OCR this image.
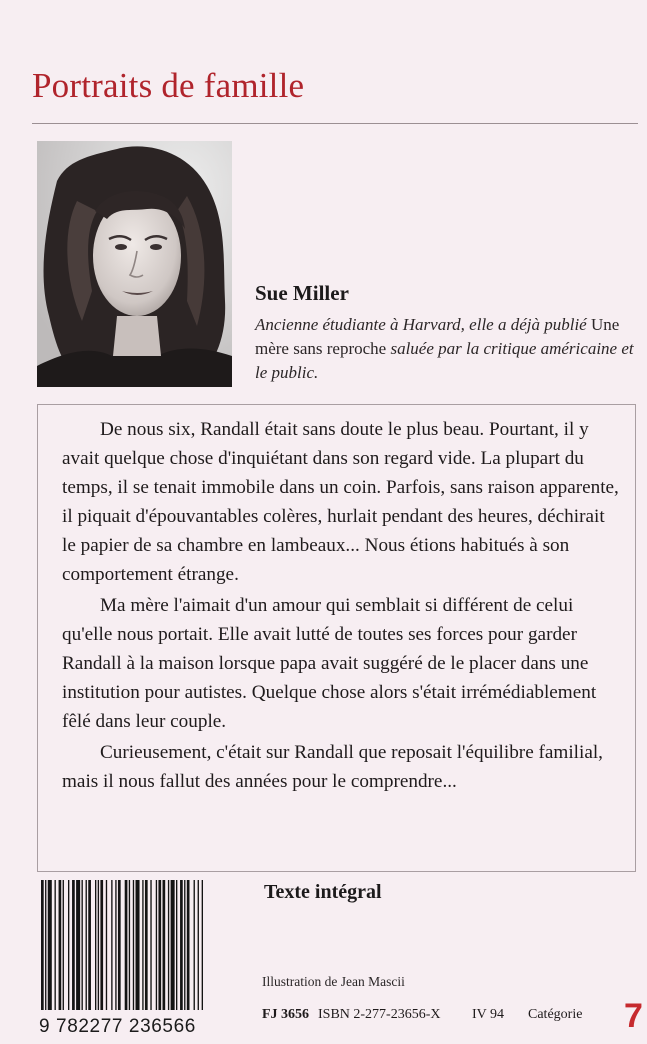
Portraits de famille
Sue Miller
Ancienne étudiante à Harvard, elle a déjà publié Une mère sans reproche saluée par la critique américaine et le public.

De nous six, Randall était sans doute le plus beau. Pourtant, il y avait quelque chose d'inquiétant dans son regard vide. La plupart du temps, il se tenait immobile dans un coin. Parfois, sans raison apparente, il piquait d'épouvantables colères, hurlait pendant des heures, déchirait le papier de sa chambre en lambeaux... Nous étions habitués à son comportement étrange.

Ma mère l'aimait d'un amour qui semblait si différent de celui qu'elle nous portait. Elle avait lutté de toutes ses forces pour garder Randall à la maison lorsque papa avait suggéré de le placer dans une institution pour autistes. Quelque chose alors s'était irrémédiablement fêlé dans leur couple.

Curieusement, c'était sur Randall que reposait l'équilibre familial, mais il nous fallut des années pour le comprendre...

9 782277 236566
Texte intégral
Illustration de Jean Mascii
FJ 3656 ISBN 2-277-23656-X IV 94 Catégorie 7
